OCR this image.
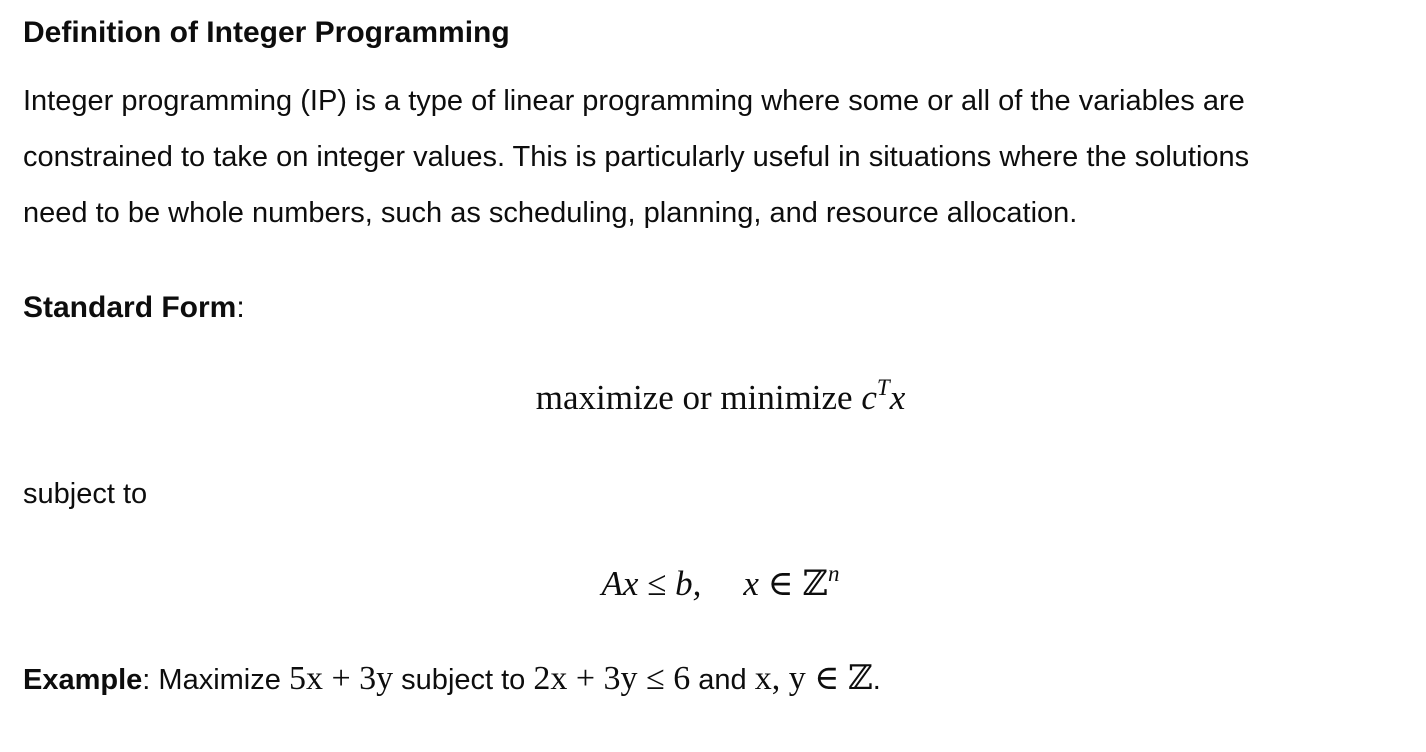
Definition of Integer Programming

Integer programming (IP) is a type of linear programming where some or all of the variables are
constrained to take on integer values. This is particularly useful in situations where the solutions
need to be whole numbers, such as scheduling, planning, and resource allocation.

Standard Form:

maximize or minimize $c^Tx$

subject to

Ax ≤ b, x ∈ ℤ$^n$

Example: Maximize 5x + 3y subject to 2x + 3y ≤ 6 and x, y ∈ ℤ.
